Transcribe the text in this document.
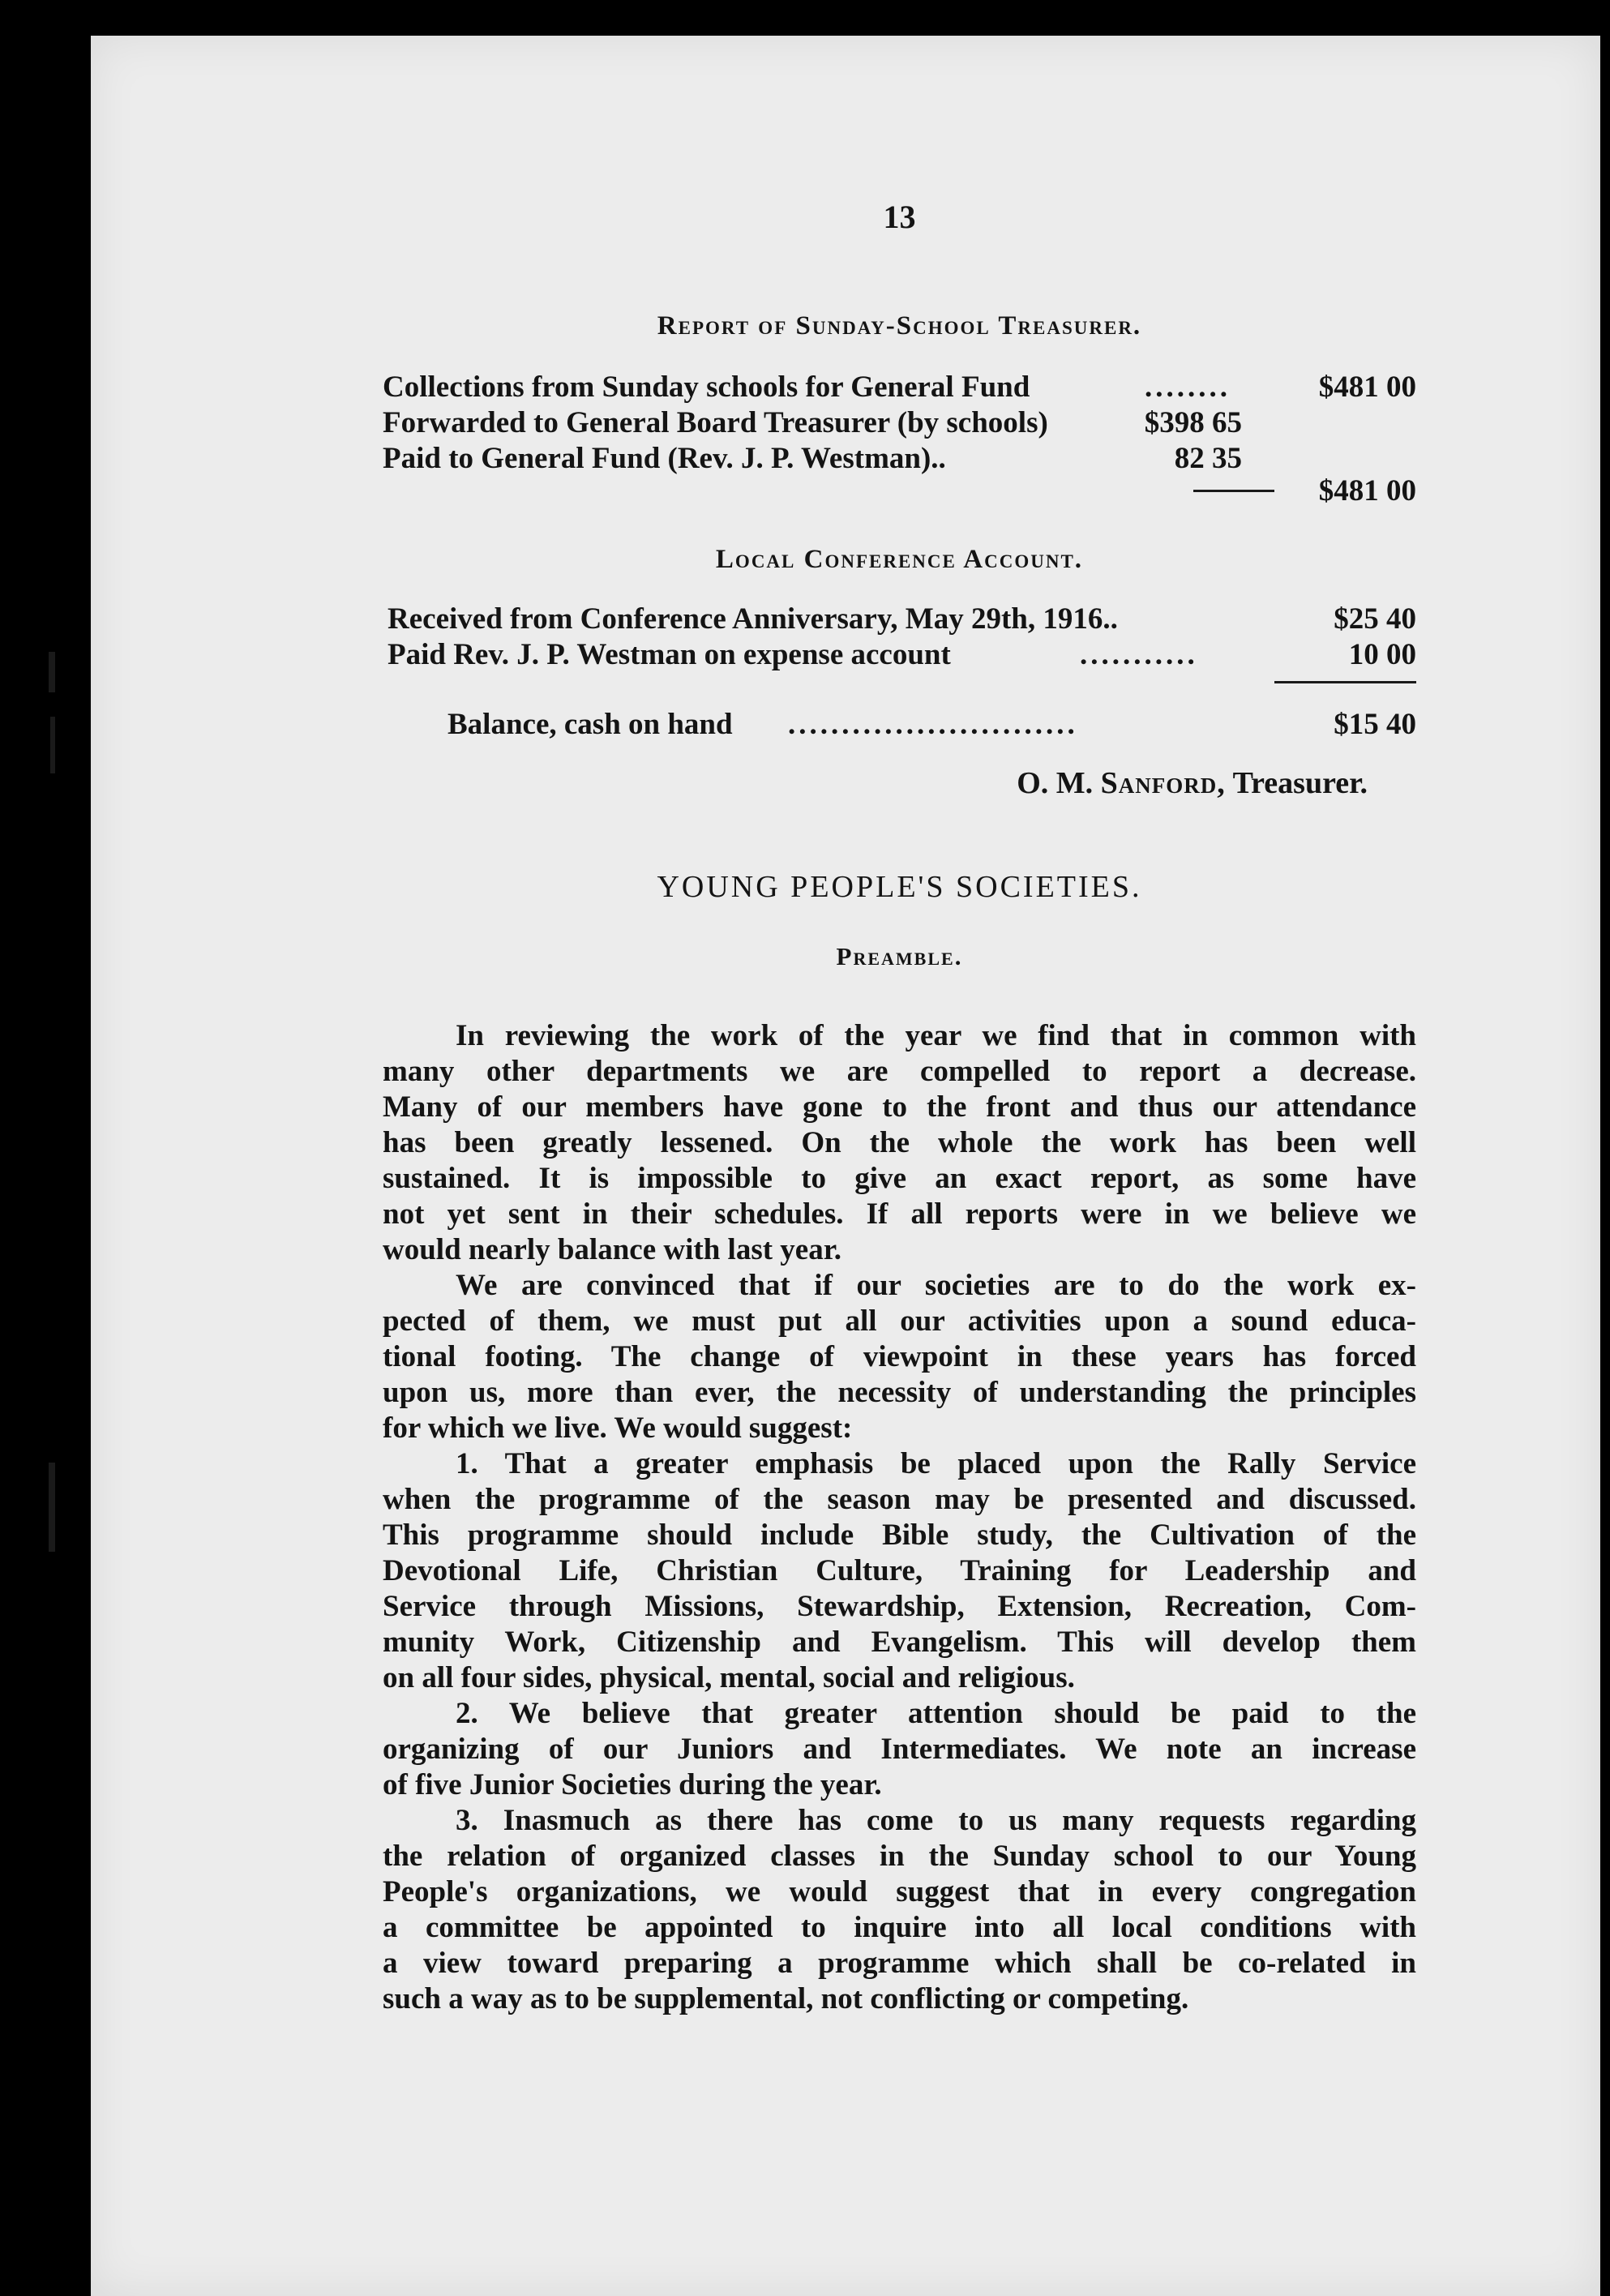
13
Report of Sunday-School Treasurer.
Collections from Sunday schools for General Fund	........	$481 00
Forwarded to General Board Treasurer (by schools)	$398 65
Paid to General Fund (Rev. J. P. Westman)..	82 35
$481 00
Local Conference Account.
Received from Conference Anniversary, May 29th, 1916..	$25 40
Paid Rev. J. P. Westman on expense account	...........	10 00
Balance, cash on hand ...........................	$15 40
O. M. Sanford, Treasurer.
YOUNG PEOPLE'S SOCIETIES.
Preamble.
In reviewing the work of the year we find that in common with
many other departments we are compelled to report a decrease.
Many of our members have gone to the front and thus our attendance
has been greatly lessened. On the whole the work has been well
sustained. It is impossible to give an exact report, as some have
not yet sent in their schedules. If all reports were in we believe we
would nearly balance with last year.
We are convinced that if our societies are to do the work ex-
pected of them, we must put all our activities upon a sound educa-
tional footing. The change of viewpoint in these years has forced
upon us, more than ever, the necessity of understanding the principles
for which we live. We would suggest:
1. That a greater emphasis be placed upon the Rally Service
when the programme of the season may be presented and discussed.
This programme should include Bible study, the Cultivation of the
Devotional Life, Christian Culture, Training for Leadership and
Service through Missions, Stewardship, Extension, Recreation, Com-
munity Work, Citizenship and Evangelism. This will develop them
on all four sides, physical, mental, social and religious.
2. We believe that greater attention should be paid to the
organizing of our Juniors and Intermediates. We note an increase
of five Junior Societies during the year.
3. Inasmuch as there has come to us many requests regarding
the relation of organized classes in the Sunday school to our Young
People's organizations, we would suggest that in every congregation
a committee be appointed to inquire into all local conditions with
a view toward preparing a programme which shall be co-related in
such a way as to be supplemental, not conflicting or competing.
